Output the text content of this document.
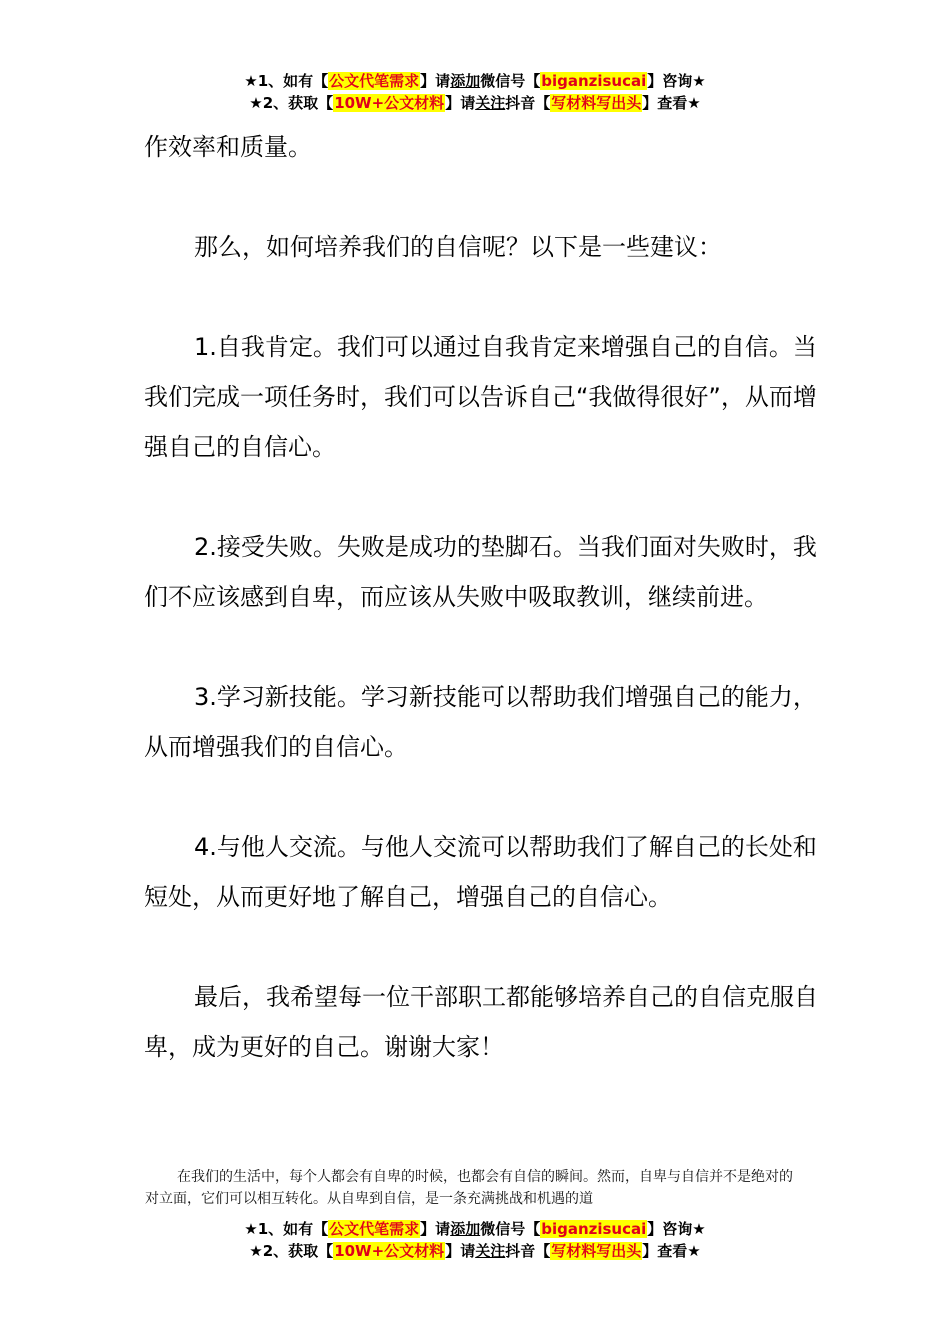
★1、如有【公文代笔需求】请添加微信号【biganzisucai】咨询★
★2、获取【10W+公文材料】请关注抖音【写材料写出头】查看★

作效率和质量。

那么，如何培养我们的自信呢？以下是一些建议：

1.自我肯定。我们可以通过自我肯定来增强自己的自信。当我们完成一项任务时，我们可以告诉自己“我做得很好”，从而增强自己的自信心。

2.接受失败。失败是成功的垫脚石。当我们面对失败时，我们不应该感到自卑，而应该从失败中吸取教训，继续前进。

3.学习新技能。学习新技能可以帮助我们增强自己的能力，从而增强我们的自信心。

4.与他人交流。与他人交流可以帮助我们了解自己的长处和短处，从而更好地了解自己，增强自己的自信心。

最后，我希望每一位干部职工都能够培养自己的自信克服自卑，成为更好的自己。谢谢大家！

在我们的生活中，每个人都会有自卑的时候，也都会有自信的瞬间。然而，自卑与自信并不是绝对的对立面，它们可以相互转化。从自卑到自信，是一条充满挑战和机遇的道

★1、如有【公文代笔需求】请添加微信号【biganzisucai】咨询★
★2、获取【10W+公文材料】请关注抖音【写材料写出头】查看★
